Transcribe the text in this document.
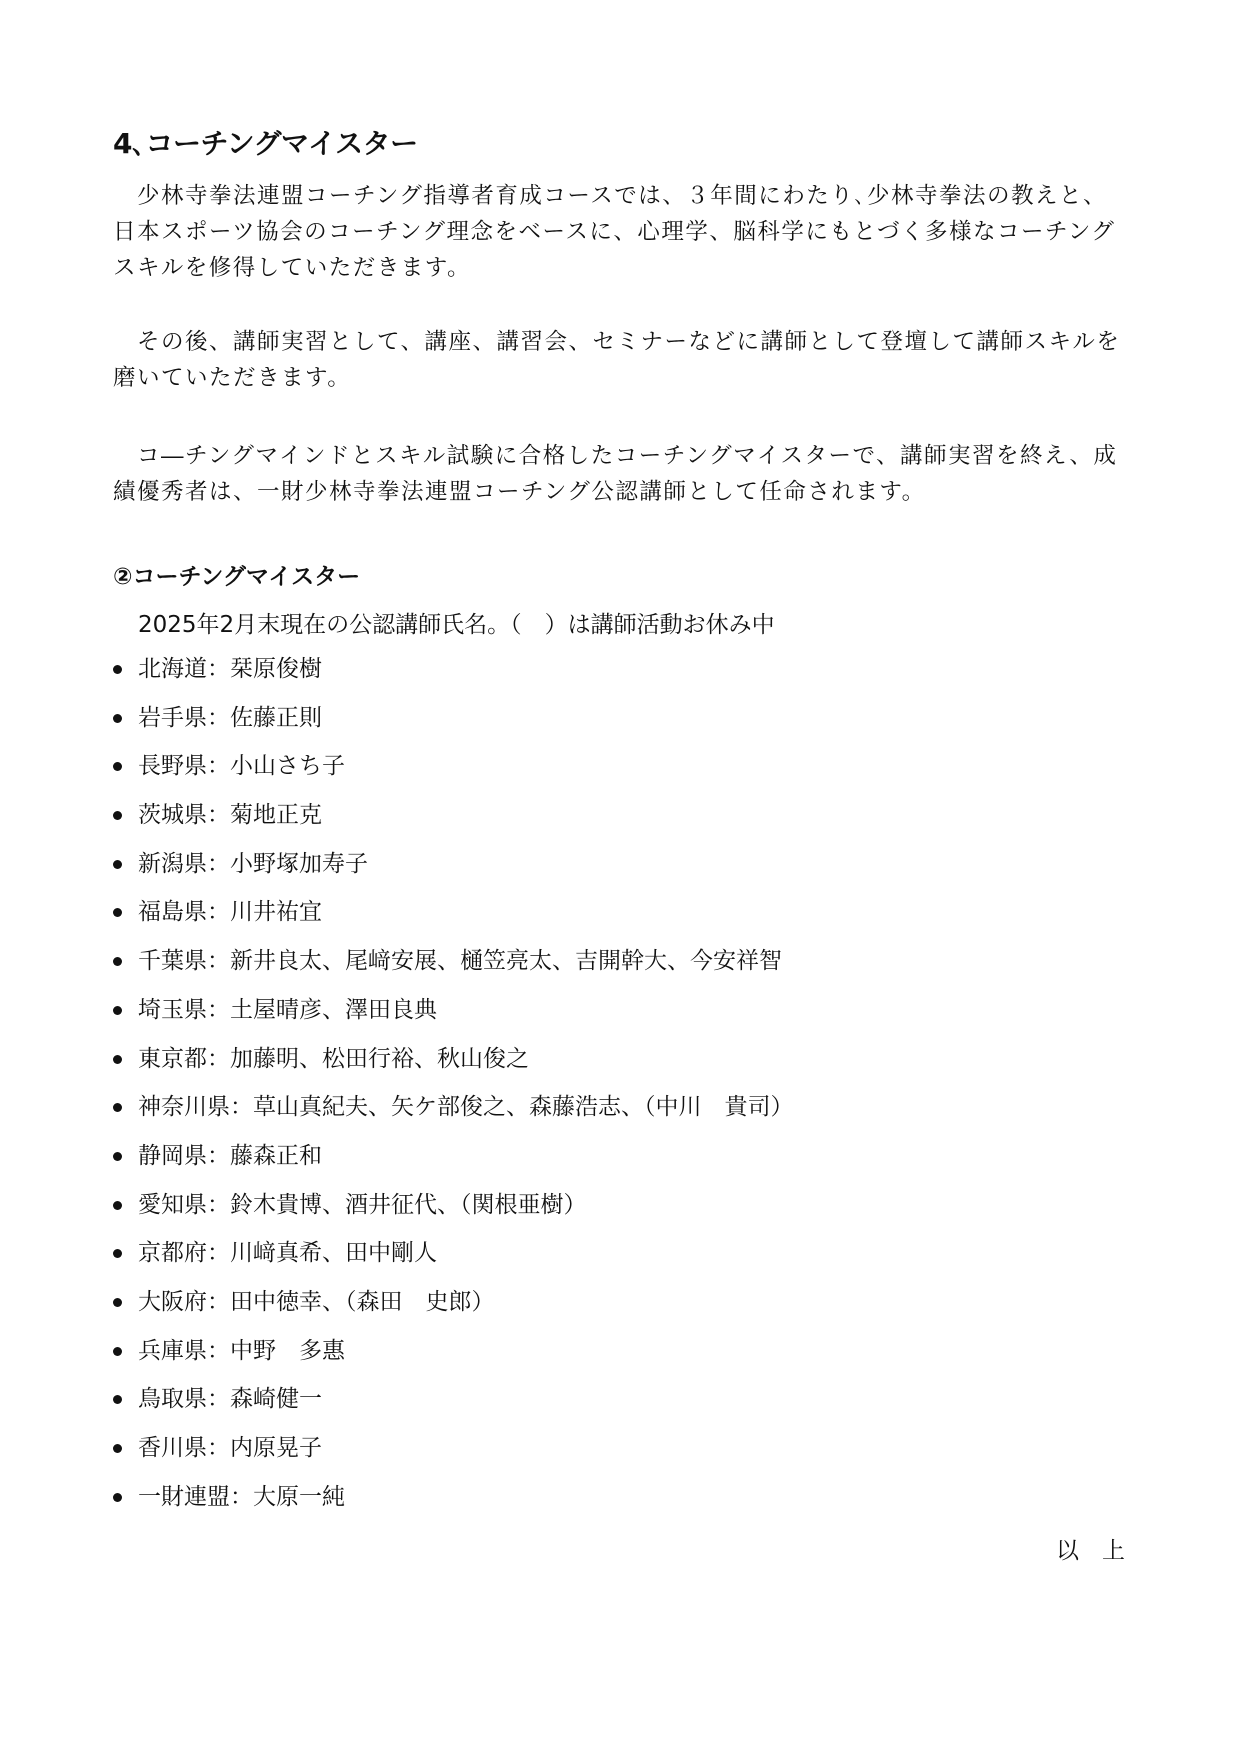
4､コーチングマイスター

少林寺拳法連盟コーチング指導者育成コースでは、３年間にわたり､少林寺拳法の教えと、日本スポーツ協会のコーチング理念をベースに、心理学、脳科学にもとづく多様なコーチングスキルを修得していただきます。

その後、講師実習として、講座、講習会、セミナーなどに講師として登壇して講師スキルを磨いていただきます。

コ―チングマインドとスキル試験に合格したコーチングマイスターで、講師実習を終え、成績優秀者は、一財少林寺拳法連盟コーチング公認講師として任命されます。

②コーチングマイスター

2025年2月末現在の公認講師氏名。（　）は講師活動お休み中

北海道：栞原俊樹
岩手県：佐藤正則
長野県：小山さち子
茨城県：菊地正克
新潟県：小野塚加寿子
福島県：川井祐宜
千葉県：新井良太、尾﨑安展、樋笠亮太、吉開幹大、今安祥智
埼玉県：土屋晴彦、澤田良典
東京都：加藤明、松田行裕、秋山俊之
神奈川県：草山真紀夫、矢ケ部俊之、森藤浩志、（中川　貴司）
静岡県：藤森正和
愛知県：鈴木貴博、酒井征代、（関根亜樹）
京都府：川﨑真希、田中剛人
大阪府：田中徳幸、（森田　史郎）
兵庫県：中野　多惠
鳥取県：森崎健一
香川県：内原晃子
一財連盟：大原一純

以　上
